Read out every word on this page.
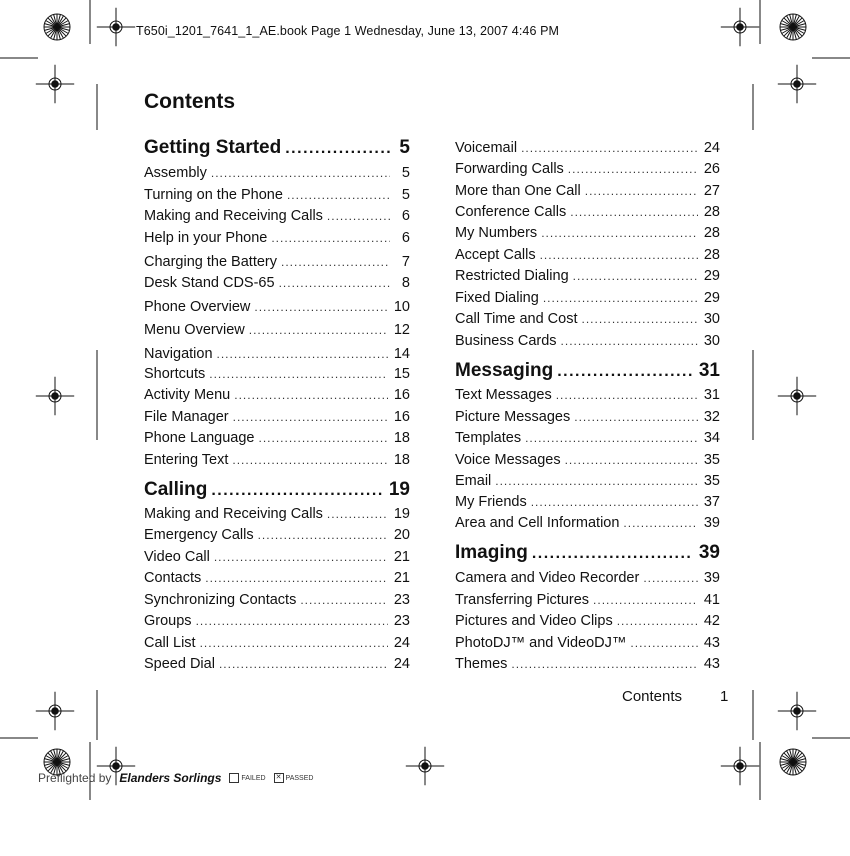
T650i_1201_7641_1_AE.book Page 1 Wednesday, June 13, 2007 4:46 PM
Contents
Getting Started .....	5
Assembly .....	5
Turning on the Phone .....	5
Making and Receiving Calls .....	6
Help in your Phone .....	6
Charging the Battery .....	7
Desk Stand CDS-65 .....	8
Phone Overview .....	10
Menu Overview .....	12
Navigation .....	14
Shortcuts .....	15
Activity Menu .....	16
File Manager .....	16
Phone Language .....	18
Entering Text .....	18
Calling .....	19
Making and Receiving Calls .....	19
Emergency Calls .....	20
Video Call .....	21
Contacts .....	21
Synchronizing Contacts .....	23
Groups .....	23
Call List .....	24
Speed Dial .....	24
Voicemail .....	24
Forwarding Calls .....	26
More than One Call .....	27
Conference Calls .....	28
My Numbers .....	28
Accept Calls .....	28
Restricted Dialing .....	29
Fixed Dialing .....	29
Call Time and Cost .....	30
Business Cards .....	30
Messaging .....	31
Text Messages .....	31
Picture Messages .....	32
Templates .....	34
Voice Messages .....	35
Email .....	35
My Friends .....	37
Area and Cell Information .....	39
Imaging .....	39
Camera and Video Recorder .....	39
Transferring Pictures .....	41
Pictures and Video Clips .....	42
PhotoDJ™ and VideoDJ™ .....	43
Themes .....	43
Contents	1
Preflighted by Elanders Sorlings	FAILED ✕ PASSED
